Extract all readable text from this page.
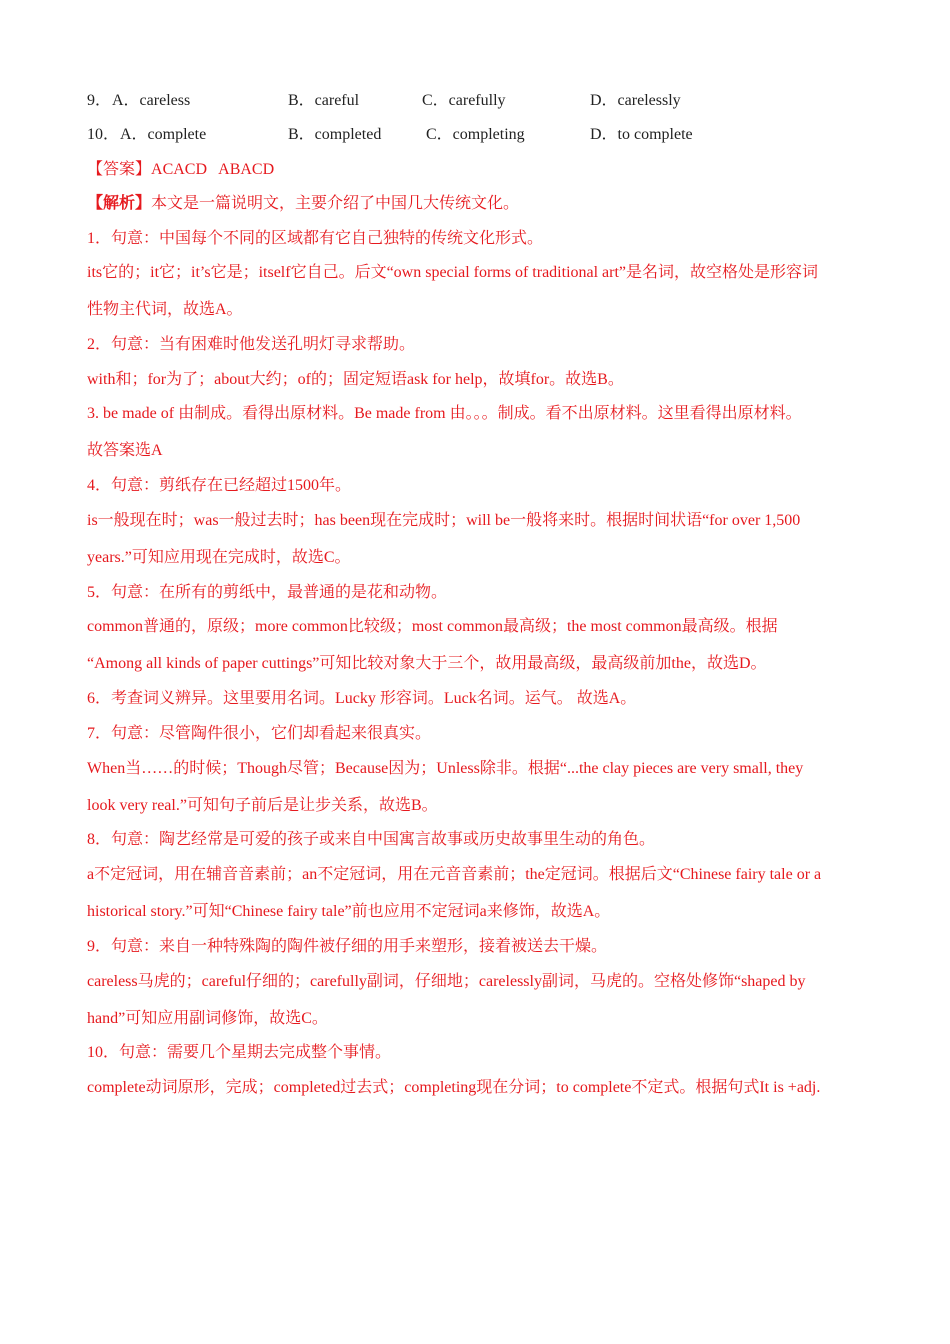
9． A．careless	B．careful	C．carefully	D．carelessly
10． A．complete	B．completed	C．completing	D．to complete
【答案】ACACD   ABACD
【解析】本文是一篇说明文，主要介绍了中国几大传统文化。
1．句意：中国每个不同的区域都有它自己独特的传统文化形式。
its它的；it它；it’s它是；itself它自己。后文“own special forms of traditional art”是名词，故空格处是形容词
性物主代词，故选A。
2．句意：当有困难时他发送孔明灯寻求帮助。
with和；for为了；about大约；of的；固定短语ask for help，故填for。故选B。
3. be made of 由制成。看得出原材料。Be made from 由。。。制成。看不出原材料。这里看得出原材料。
故答案选A
4．句意：剪纸存在已经超过1500年。
is一般现在时；was一般过去时；has been现在完成时；will be一般将来时。根据时间状语“for over 1,500
years.”可知应用现在完成时，故选C。
5．句意：在所有的剪纸中，最普通的是花和动物。
common普通的，原级；more common比较级；most common最高级；the most common最高级。根据
“Among all kinds of paper cuttings”可知比较对象大于三个，故用最高级，最高级前加the，故选D。
6．考查词义辨异。这里要用名词。Lucky 形容词。Luck名词。运气。 故选A。
7．句意：尽管陶件很小，它们却看起来很真实。
When当……的时候；Though尽管；Because因为；Unless除非。根据“...the clay pieces are very small, they
look very real.”可知句子前后是让步关系，故选B。
8．句意：陶艺经常是可爱的孩子或来自中国寓言故事或历史故事里生动的角色。
a不定冠词，用在辅音音素前；an不定冠词，用在元音音素前；the定冠词。根据后文“Chinese fairy tale or a
historical story.”可知“Chinese fairy tale”前也应用不定冠词a来修饰，故选A。
9．句意：来自一种特殊陶的陶件被仔细的用手来塑形，接着被送去干燥。
careless马虎的；careful仔细的；carefully副词，仔细地；carelessly副词，马虎的。空格处修饰“shaped by
hand”可知应用副词修饰，故选C。
10．句意：需要几个星期去完成整个事情。
complete动词原形，完成；completed过去式；completing现在分词；to complete不定式。根据句式It is +adj.
